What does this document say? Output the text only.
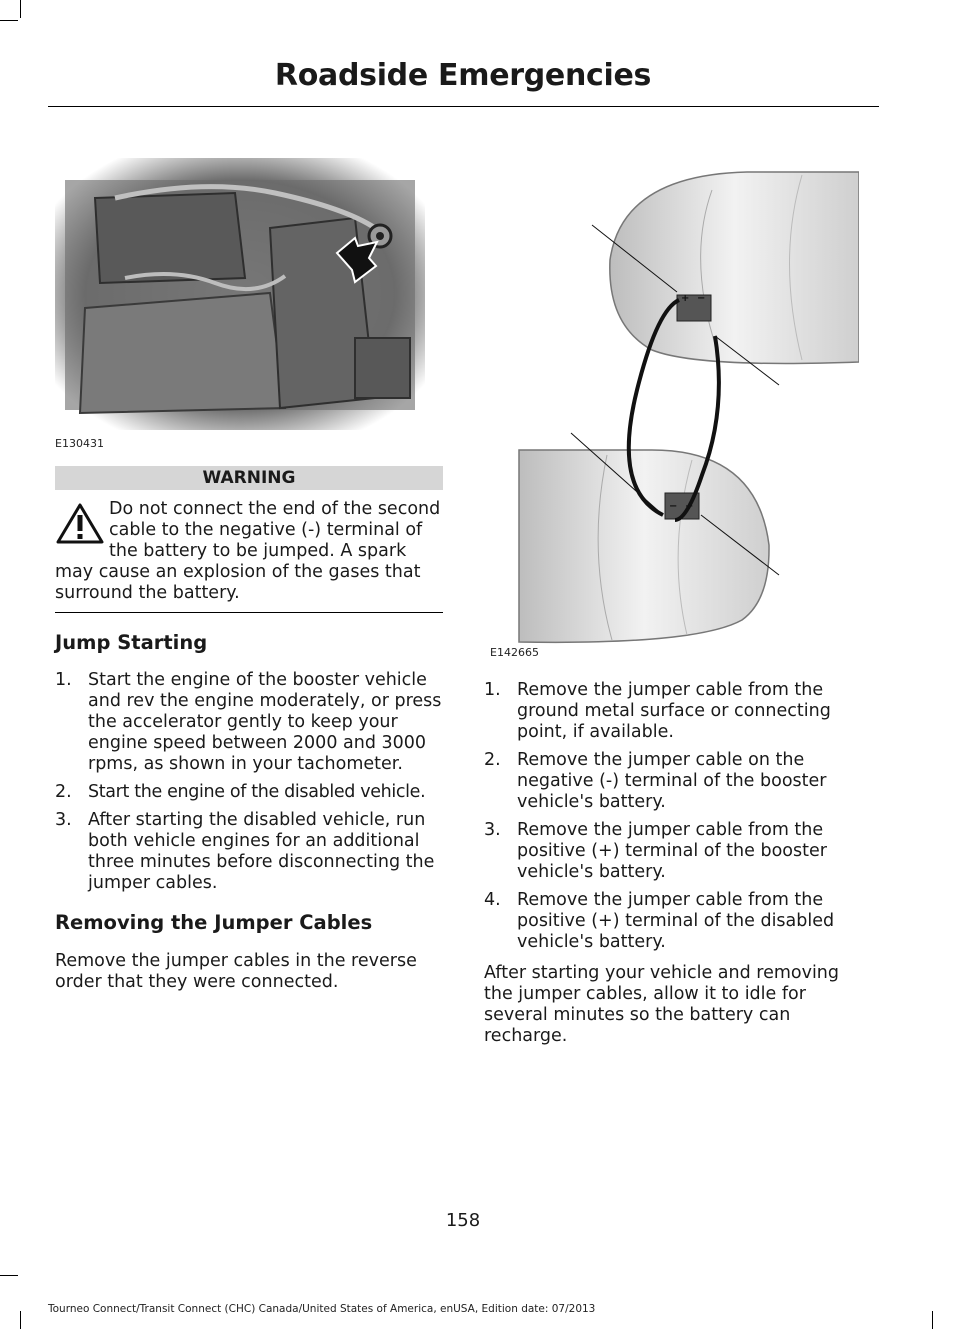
Roadside Emergencies
E130431
WARNING
Do not connect the end of the second cable to the negative (-) terminal of the battery to be jumped. A spark may cause an explosion of the gases that surround the battery.
Jump Starting
1. Start the engine of the booster vehicle and rev the engine moderately, or press the accelerator gently to keep your engine speed between 2000 and 3000 rpms, as shown in your tachometer.
2. Start the engine of the disabled vehicle.
3. After starting the disabled vehicle, run both vehicle engines for an additional three minutes before disconnecting the jumper cables.
Removing the Jumper Cables
Remove the jumper cables in the reverse order that they were connected.
+ −
− +
E142665
1. Remove the jumper cable from the ground metal surface or connecting point, if available.
2. Remove the jumper cable on the negative (-) terminal of the booster vehicle's battery.
3. Remove the jumper cable from the positive (+) terminal of the booster vehicle's battery.
4. Remove the jumper cable from the positive (+) terminal of the disabled vehicle's battery.
After starting your vehicle and removing the jumper cables, allow it to idle for several minutes so the battery can recharge.
158
Tourneo Connect/Transit Connect (CHC) Canada/United States of America, enUSA, Edition date: 07/2013
